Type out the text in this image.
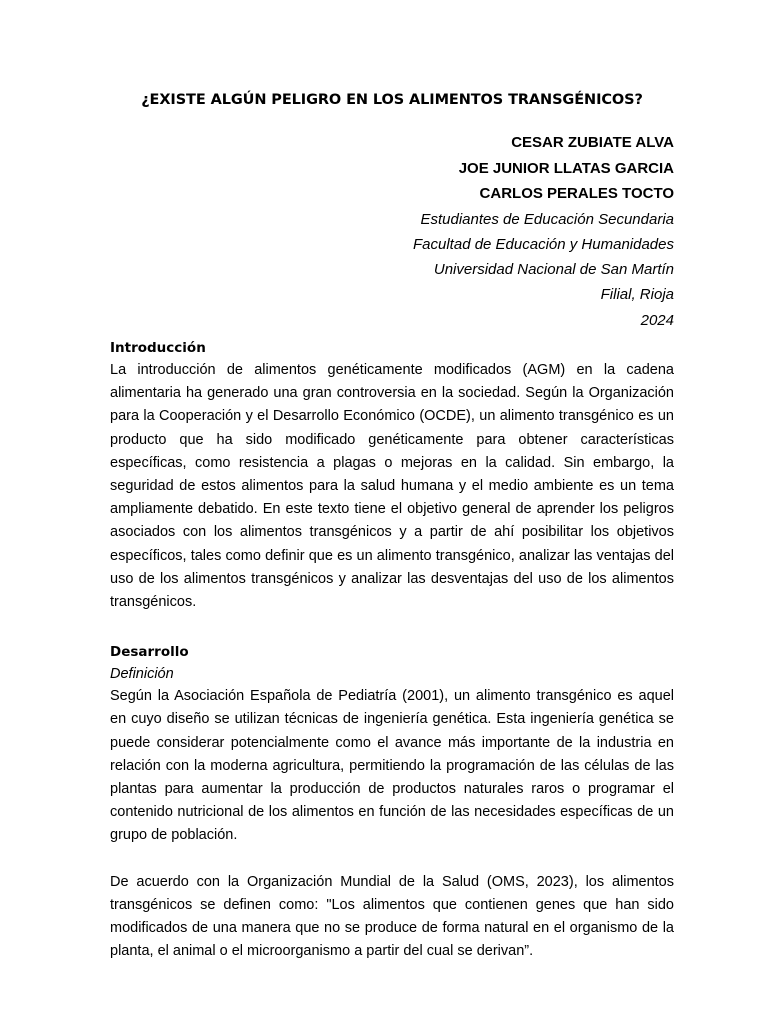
¿EXISTE ALGÚN PELIGRO EN LOS ALIMENTOS TRANSGÉNICOS?
CESAR ZUBIATE ALVA
JOE JUNIOR LLATAS GARCIA
CARLOS PERALES TOCTO
Estudiantes de Educación Secundaria
Facultad de Educación y Humanidades
Universidad Nacional de San Martín
Filial, Rioja
2024
Introducción

La introducción de alimentos genéticamente modificados (AGM) en la cadena alimentaria ha generado una gran controversia en la sociedad. Según la Organización para la Cooperación y el Desarrollo Económico (OCDE), un alimento transgénico es un producto que ha sido modificado genéticamente para obtener características específicas, como resistencia a plagas o mejoras en la calidad. Sin embargo, la seguridad de estos alimentos para la salud humana y el medio ambiente es un tema ampliamente debatido. En este texto tiene el objetivo general de aprender los peligros asociados con los alimentos transgénicos y a partir de ahí posibilitar los objetivos específicos, tales como definir que es un alimento transgénico, analizar las ventajas del uso de los alimentos transgénicos y analizar las desventajas del uso de los alimentos transgénicos.

Desarrollo
Definición

Según la Asociación Española de Pediatría (2001), un alimento transgénico es aquel en cuyo diseño se utilizan técnicas de ingeniería genética. Esta ingeniería genética se puede considerar potencialmente como el avance más importante de la industria en relación con la moderna agricultura, permitiendo la programación de las células de las plantas para aumentar la producción de productos naturales raros o programar el contenido nutricional de los alimentos en función de las necesidades específicas de un grupo de población.

De acuerdo con la Organización Mundial de la Salud (OMS, 2023), los alimentos transgénicos se definen como: "Los alimentos que contienen genes que han sido modificados de una manera que no se produce de forma natural en el organismo de la planta, el animal o el microorganismo a partir del cual se derivan”.
